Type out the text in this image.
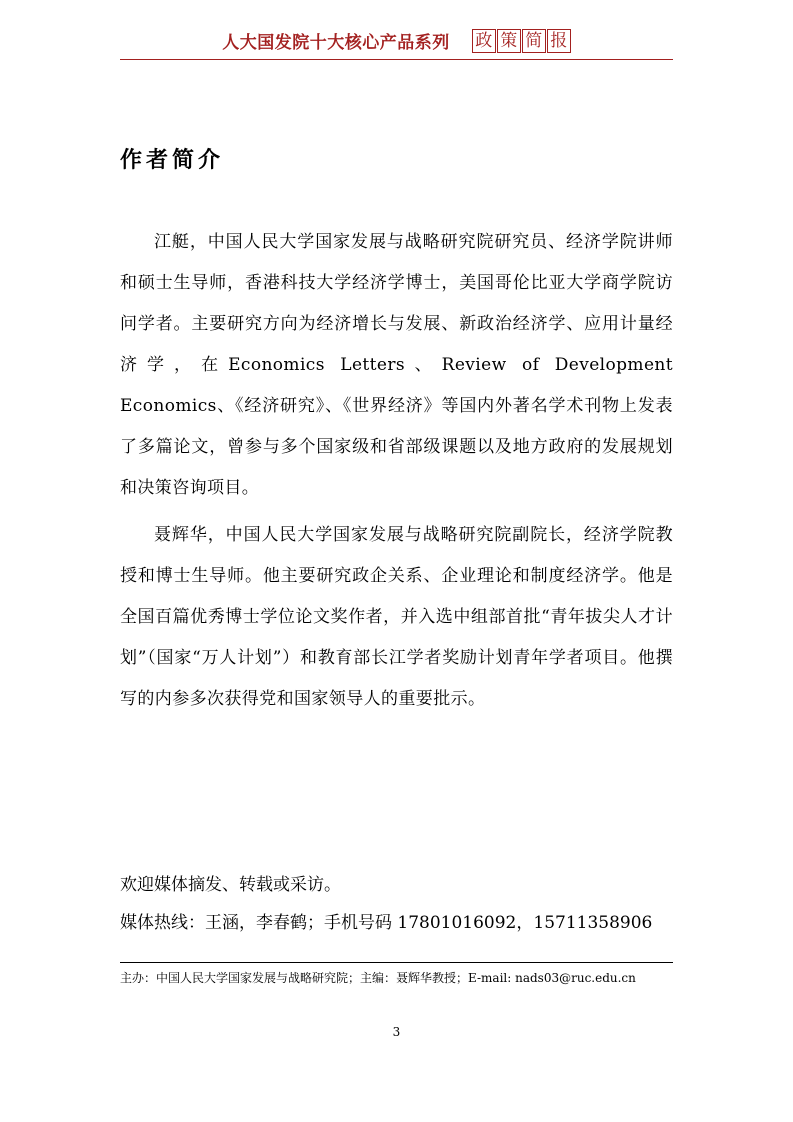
人大国发院十大核心产品系列 政 策 简 报
作者简介

江艇，中国人民大学国家发展与战略研究院研究员、经济学院讲师和硕士生导师，香港科技大学经济学博士，美国哥伦比亚大学商学院访问学者。主要研究方向为经济增长与发展、新政治经济学、应用计量经济学，在Economics Letters、Review of Development Economics、《经济研究》、《世界经济》等国内外著名学术刊物上发表了多篇论文，曾参与多个国家级和省部级课题以及地方政府的发展规划和决策咨询项目。

聂辉华，中国人民大学国家发展与战略研究院副院长，经济学院教授和博士生导师。他主要研究政企关系、企业理论和制度经济学。他是全国百篇优秀博士学位论文奖作者，并入选中组部首批“青年拔尖人才计划”（国家“万人计划”）和教育部长江学者奖励计划青年学者项目。他撰写的内参多次获得党和国家领导人的重要批示。

欢迎媒体摘发、转载或采访。

媒体热线：王涵，李春鹤；手机号码 17801016092，15711358906

主办：中国人民大学国家发展与战略研究院；主编：聂辉华教授；E-mail: nads03@ruc.edu.cn

3
